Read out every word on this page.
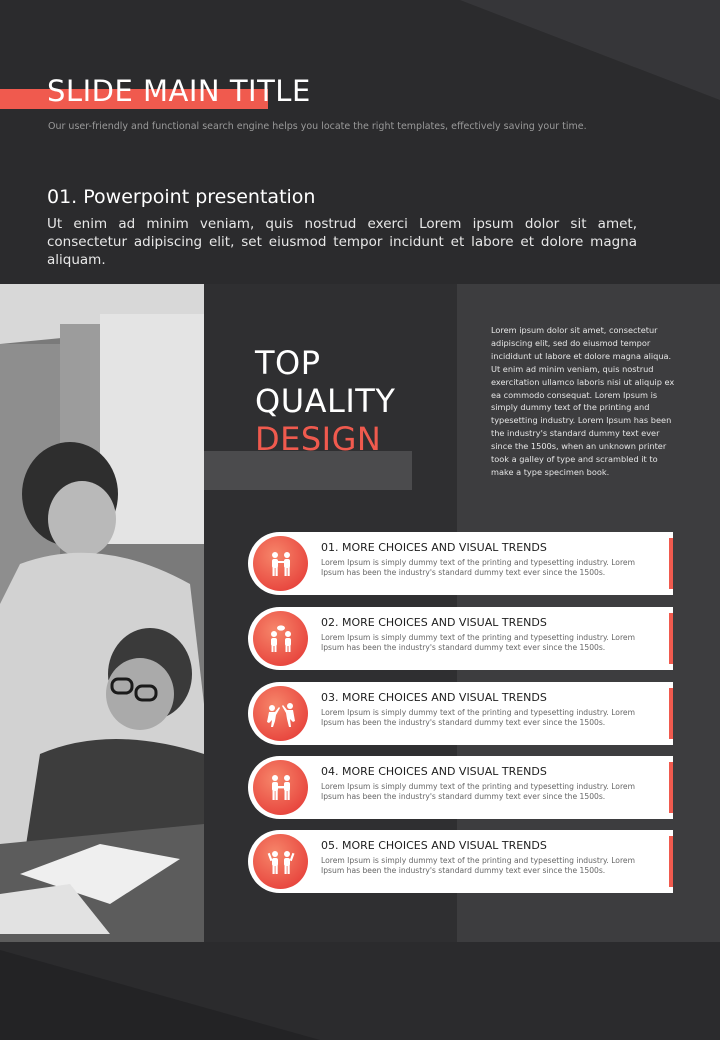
SLIDE MAIN TITLE
Our user-friendly and functional search engine helps you locate the right templates, effectively saving your time.
01. Powerpoint presentation
Ut enim ad minim veniam, quis nostrud exerci Lorem ipsum dolor sit amet, consectetur adipiscing elit, set eiusmod tempor incidunt et labore et dolore magna aliquam.
TOP
QUALITY
DESIGN
Lorem ipsum dolor sit amet, consectetur adipiscing elit, sed do eiusmod tempor incididunt ut labore et dolore magna aliqua. Ut enim ad minim veniam, quis nostrud exercitation ullamco laboris nisi ut aliquip ex ea commodo consequat. Lorem Ipsum is simply dummy text of the printing and typesetting industry. Lorem Ipsum has been the industry's standard dummy text ever since the 1500s, when an unknown printer took a galley of type and scrambled it to make a type specimen book.
01. MORE CHOICES AND VISUAL TRENDS
Lorem Ipsum is simply dummy text of the printing and typesetting industry. Lorem Ipsum has been the industry's standard dummy text ever since the 1500s.
02. MORE CHOICES AND VISUAL TRENDS
Lorem Ipsum is simply dummy text of the printing and typesetting industry. Lorem Ipsum has been the industry's standard dummy text ever since the 1500s.
03. MORE CHOICES AND VISUAL TRENDS
Lorem Ipsum is simply dummy text of the printing and typesetting industry. Lorem Ipsum has been the industry's standard dummy text ever since the 1500s.
04. MORE CHOICES AND VISUAL TRENDS
Lorem Ipsum is simply dummy text of the printing and typesetting industry. Lorem Ipsum has been the industry's standard dummy text ever since the 1500s.
05. MORE CHOICES AND VISUAL TRENDS
Lorem Ipsum is simply dummy text of the printing and typesetting industry. Lorem Ipsum has been the industry's standard dummy text ever since the 1500s.
